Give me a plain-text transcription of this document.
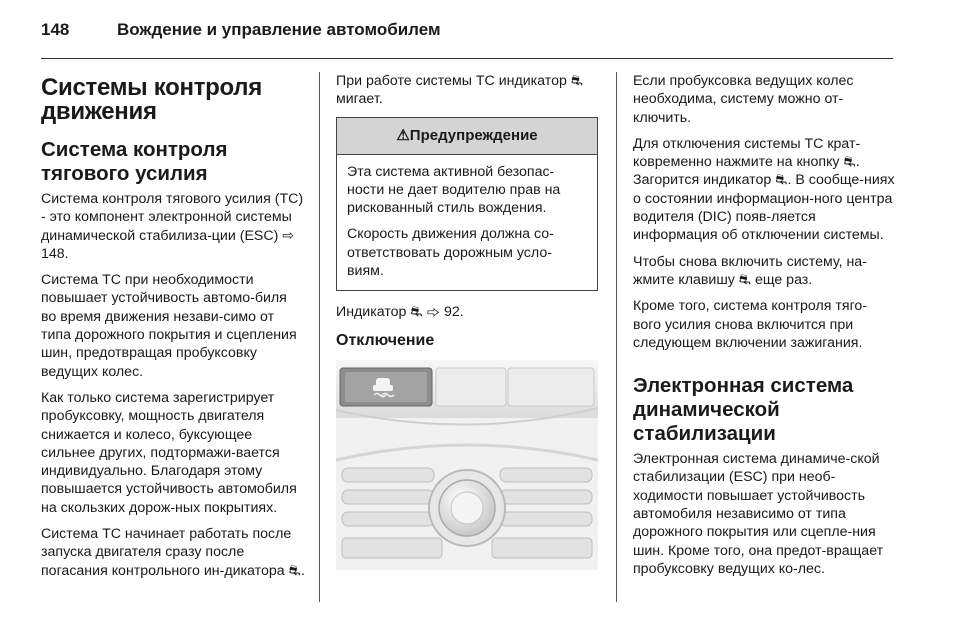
148	Вождение и управление автомобилем
Системы контроля движения
Система контроля тягового усилия

Система контроля тягового усилия (TC) - это компонент электронной системы динамической стабилиза-ции (ESC) ⇨ 148.

Система TC при необходимости повышает устойчивость автомо-биля во время движения незави-симо от типа дорожного покрытия и сцепления шин, предотвращая пробуксовку ведущих колес.

Как только система зарегистрирует пробуксовку, мощность двигателя снижается и колесо, буксующее сильнее других, подтормажи-вается индивидуально. Благодаря этому повышается устойчивость автомобиля на скользких дорож-ных покрытиях.

Система TC начинает работать после запуска двигателя сразу после погасания контрольного ин-дикатора ⛐.

При работе системы TC индикатор ⛐ мигает.

⚠Предупреждение

Эта система активной безопас-ности не дает водителю прав на рискованный стиль вождения.

Скорость движения должна со-ответствовать дорожным усло-виям.

Индикатор ⛐ ⇨ 92.

Отключение

Если пробуксовка ведущих колес необходима, систему можно от-ключить.

Для отключения системы TC крат-ковременно нажмите на кнопку ⛐. Загорится индикатор ⛐. В сообще-ниях о состоянии информацион-ного центра водителя (DIC) появ-ляется информация об отключении системы.

Чтобы снова включить систему, на-жмите клавишу ⛐ еще раз.

Кроме того, система контроля тяго-вого усилия снова включится при следующем включении зажигания.

Электронная система динамической стабилизации

Электронная система динамиче-ской стабилизации (ESC) при необ-ходимости повышает устойчивость автомобиля независимо от типа дорожного покрытия или сцепле-ния шин. Кроме того, она предот-вращает пробуксовку ведущих ко-лес.
